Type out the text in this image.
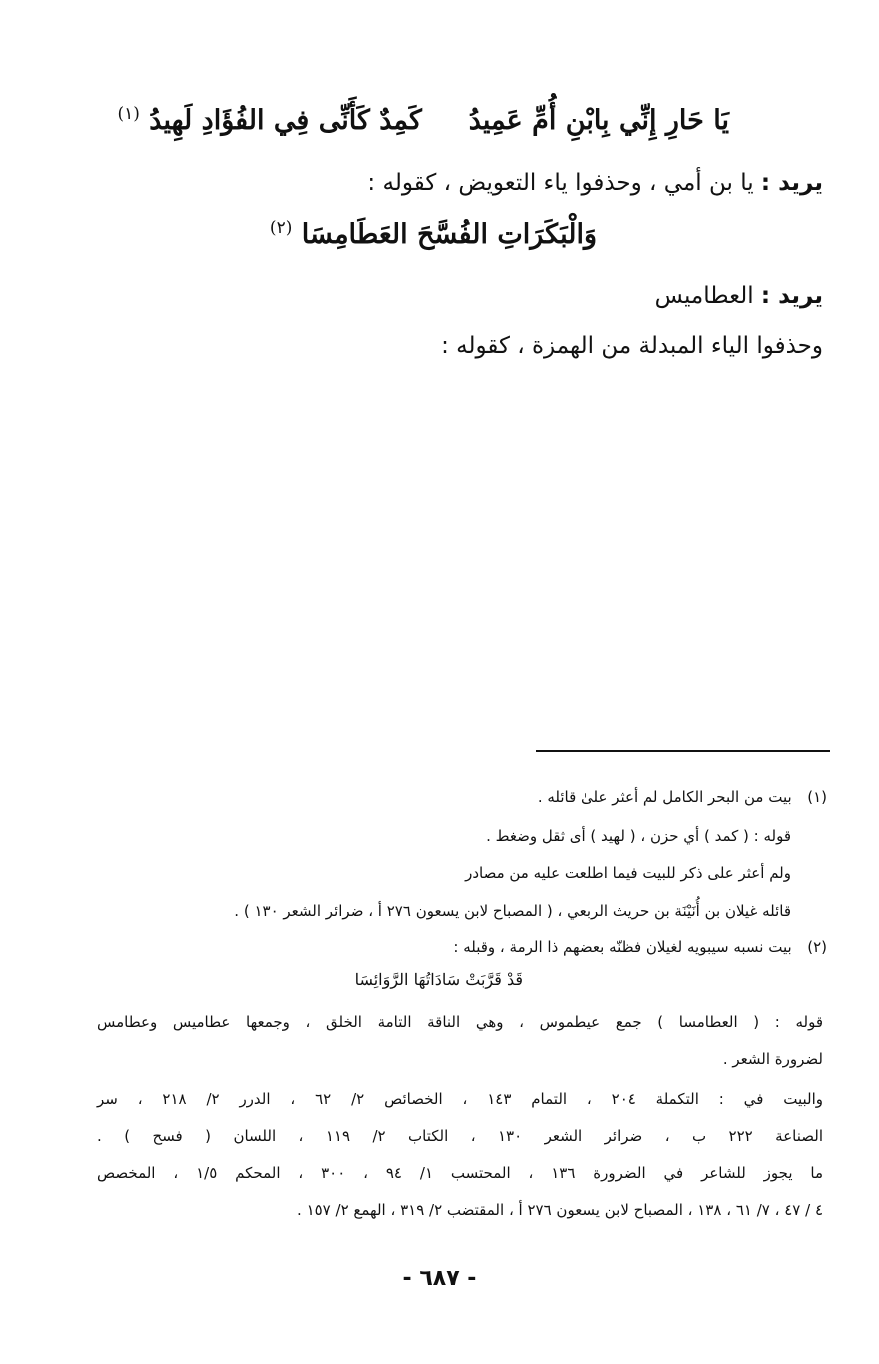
يَا حَارِ إِنِّي بِابْنِ أُمِّ عَمِيدُ  كَمِدٌ كَأَنِّى فِي الفُؤَادِ لَهِيدُ $^{(١)}$
يريد : يا بن أمي ، وحذفوا ياء التعويض ، كقوله :
وَالْبَكَرَاتِ الفُسَّحَ العَطَامِسَا $^{(٢)}$
يريد : العطاميس
وحذفوا الياء المبدلة من الهمزة ، كقوله :
(١)  بيت من البحر الكامل لم أعثر علىٰ قائله .
قوله : ( كمد ) أي حزن ، ( لهيد ) أى ثقل وضغط .
ولم أعثر على ذكر للبيت فيما اطلعت عليه من مصادر
قائله غيلان بن أُنَيْنَة بن حريث الربعي ، ( المصباح لابن يسعون ٢٧٦ أ ، ضرائر الشعر ١٣٠ ) .
(٢)  بيت نسبه سيبويه لغيلان فظنّه بعضهم ذا الرمة ، وقبله :
قَدْ قَرَّبَتْ سَادَاتُهَا الرَّوَائِسَا
قوله : ( العطامسا ) جمع عيطموس ، وهي الناقة التامة الخلق ، وجمعها عطاميس وعطامس
لضرورة الشعر .
والبيت في : التكملة ٢٠٤ ، التمام ١٤٣ ، الخصائص ٢/ ٦٢ ، الدرر ٢/ ٢١٨ ، سر
الصناعة ٢٢٢ ب ، ضرائر الشعر ١٣٠ ، الكتاب ٢/ ١١٩ ، اللسان ( فسح ) .
ما يجوز للشاعر في الضرورة ١٣٦ ، المحتسب ١/ ٩٤ ، ٣٠٠ ، المحكم ١/٥ ، المخصص
٤ / ٤٧ ، ٧/ ٦١ ، ١٣٨ ، المصباح لابن يسعون ٢٧٦ أ ، المقتضب ٢/ ٣١٩ ، الهمع ٢/ ١٥٧ .
- ٦٨٧ -
